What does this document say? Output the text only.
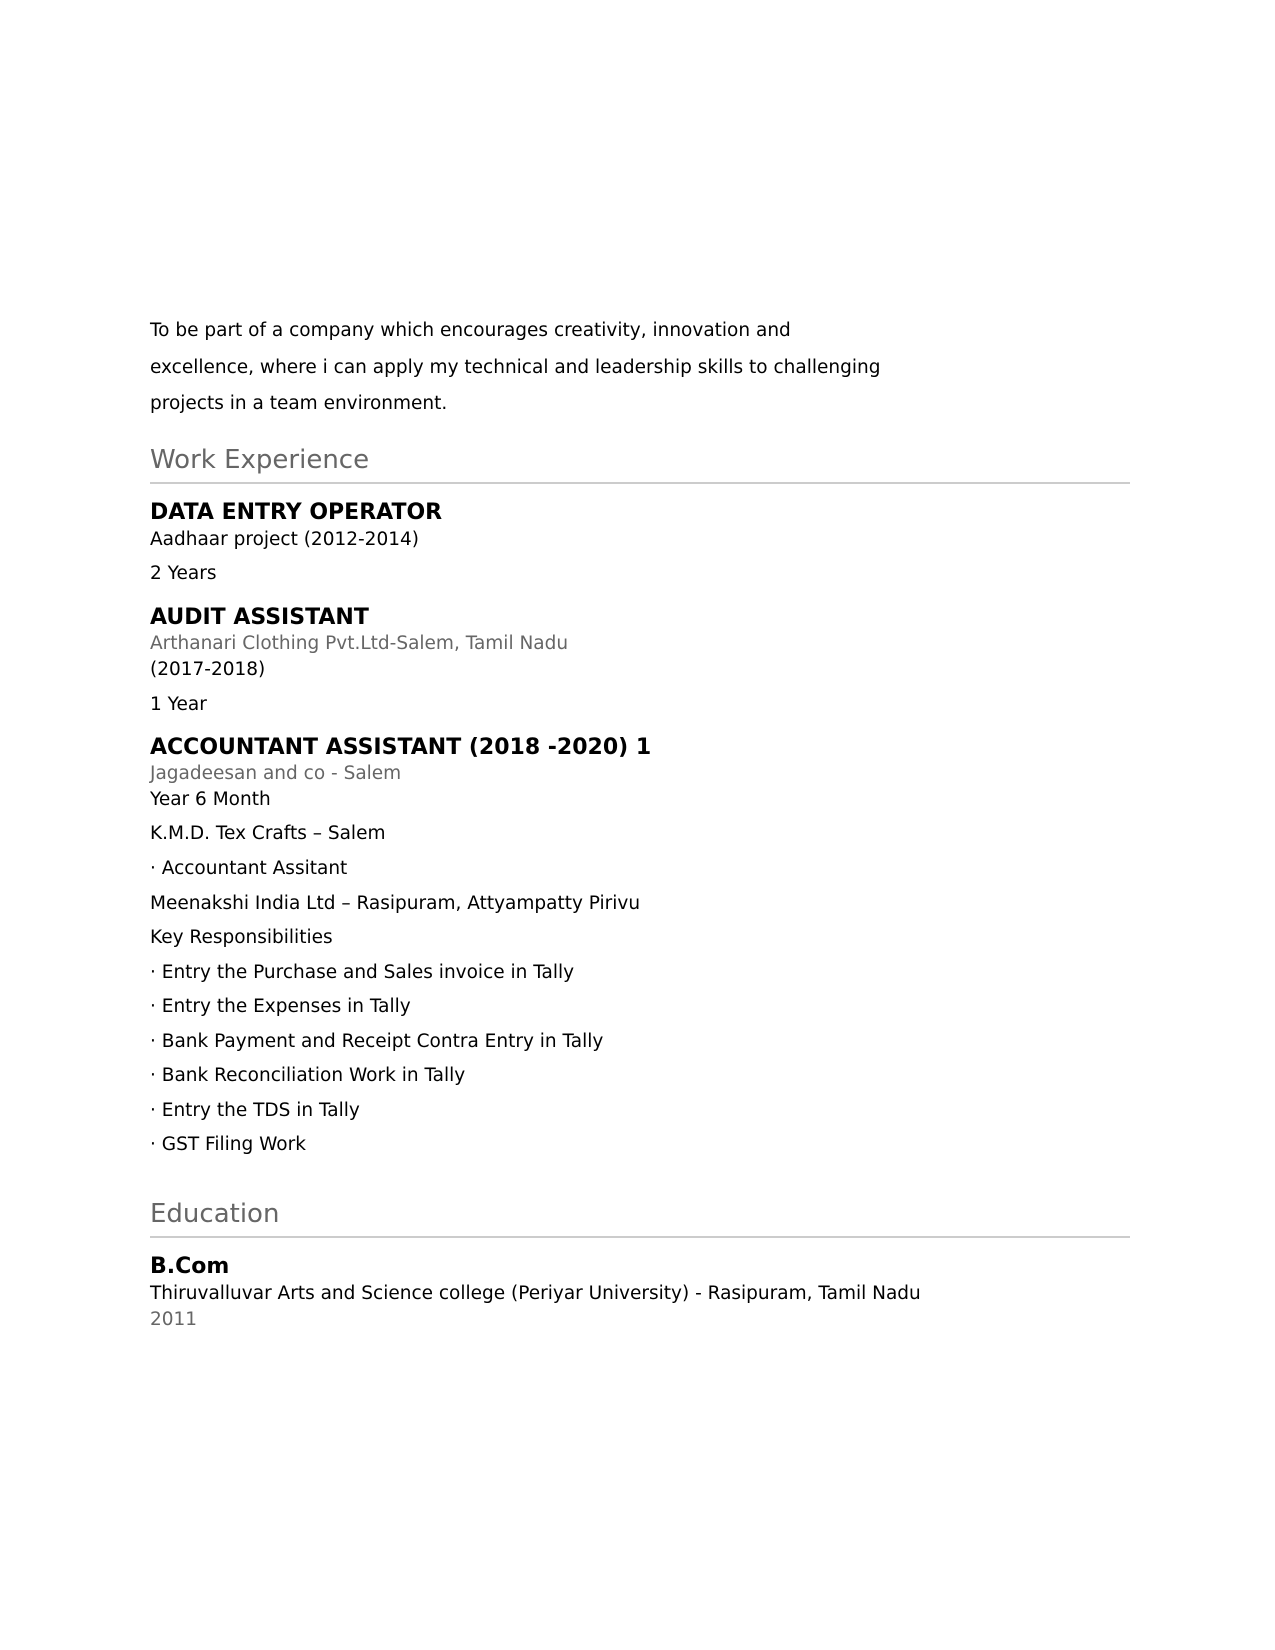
To be part of a company which encourages creativity, innovation and
excellence, where i can apply my technical and leadership skills to challenging
projects in a team environment.
Work Experience
DATA ENTRY OPERATOR
Aadhaar project (2012-2014)
2 Years
AUDIT ASSISTANT
Arthanari Clothing Pvt.Ltd-Salem, Tamil Nadu
(2017-2018)
1 Year
ACCOUNTANT ASSISTANT (2018 -2020) 1
Jagadeesan and co - Salem
Year 6 Month
K.M.D. Tex Crafts – Salem
· Accountant Assitant
Meenakshi India Ltd – Rasipuram, Attyampatty Pirivu
Key Responsibilities
· Entry the Purchase and Sales invoice in Tally
· Entry the Expenses in Tally
· Bank Payment and Receipt Contra Entry in Tally
· Bank Reconciliation Work in Tally
· Entry the TDS in Tally
· GST Filing Work
Education
B.Com
Thiruvalluvar Arts and Science college (Periyar University) - Rasipuram, Tamil Nadu
2011
